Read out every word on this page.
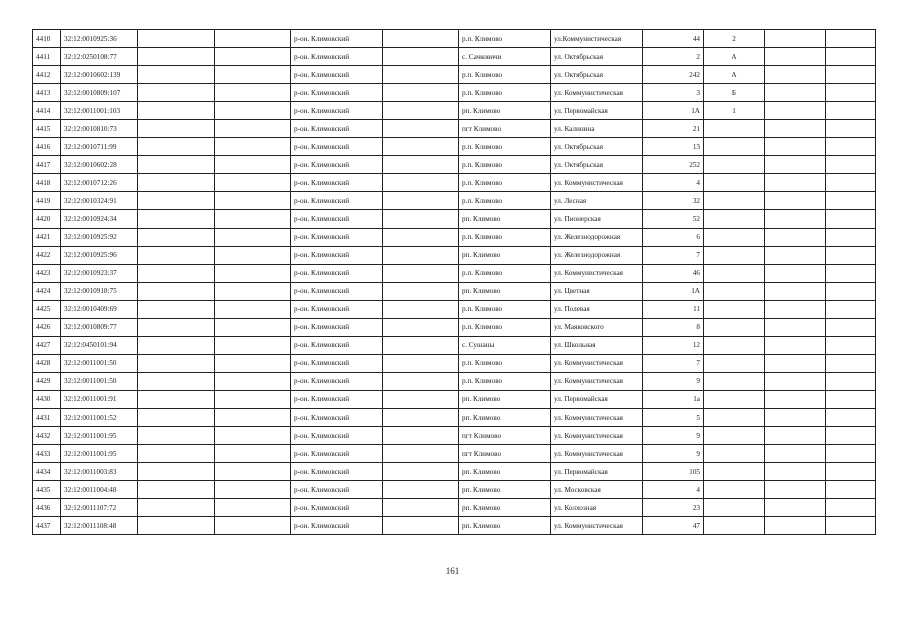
4410	32:12:0010925:36			р-он. Климовский		р.п. Климово	ул.Коммунистическая	44	2		
4411	32:12:0250108:77			р-он. Климовский		с. Сачковичи	ул. Октябрьская	2	А		
4412	32:12:0010602:139			р-он. Климовский		р.п. Климово	ул. Октябрьская	242	А		
4413	32:12:0010809:107			р-он. Климовский		р.п. Климово	ул. Коммунистическая	3	Б		
4414	32:12:0011001:103			р-он. Климовский		рп. Климово	ул. Первомайская	1А	1		
4415	32:12:0010810:73			р-он. Климовский		пгт Климово	ул. Калинина	21			
4416	32:12:0010711:99			р-он. Климовский		р.п. Климово	ул. Октябрьская	13			
4417	32:12:0010602:28			р-он. Климовский		р.п. Климово	ул. Октябрьская	252			
4418	32:12:0010712:26			р-он. Климовский		р.п. Климово	ул. Коммунистическая	4			
4419	32:12:0010324:91			р-он. Климовский		р.п. Климово	ул. Лесная	32			
4420	32:12:0010924:34			р-он. Климовский		рп. Климово	ул. Пионерская	52			
4421	32:12:0010925:92			р-он. Климовский		р.п. Климово	ул. Железнодорожная	6			
4422	32:12:0010925:96			р-он. Климовский		рп. Климово	ул. Железнодорожная	7			
4423	32:12:0010923:37			р-он. Климовский		р.п. Климово	ул. Коммунистическая	46			
4424	32:12:0010918:75			р-он. Климовский		рп. Климово	ул. Цветная	1А			
4425	32:12:0010409:69			р-он. Климовский		р.п. Климово	ул. Полевая	11			
4426	32:12:0010809:77			р-он. Климовский		р.п. Климово	ул. Маяковского	8			
4427	32:12:0450101:94			р-он. Климовский		с. Сушаны	ул. Школьная	12			
4428	32:12:0011001:50			р-он. Климовский		р.п. Климово	ул. Коммунистическая	7			
4429	32:12:0011001:50			р-он. Климовский		р.п. Климово	ул. Коммунистическая	9			
4430	32:12:0011001:91			р-он. Климовский		рп. Климово	ул. Первомайская	1а			
4431	32:12:0011001:52			р-он. Климовский		рп. Климово	ул. Коммунистическая	5			
4432	32:12:0011001:95			р-он. Климовский		пгт Климово	ул. Коммунистическая	9			
4433	32:12:0011001:95			р-он. Климовский		пгт Климово	ул. Коммунистическая	9			
4434	32:12:0011003:83			р-он. Климовский		рп. Климово	ул. Первомайская	105			
4435	32:12:0011004:48			р-он. Климовский		рп. Климово	ул. Московская	4			
4436	32:12:0011107:72			р-он. Климовский		рп. Климово	ул. Колхозная	23			
4437	32:12:0011108:48			р-он. Климовский		рп. Климово	ул. Коммунистическая	47			
161
